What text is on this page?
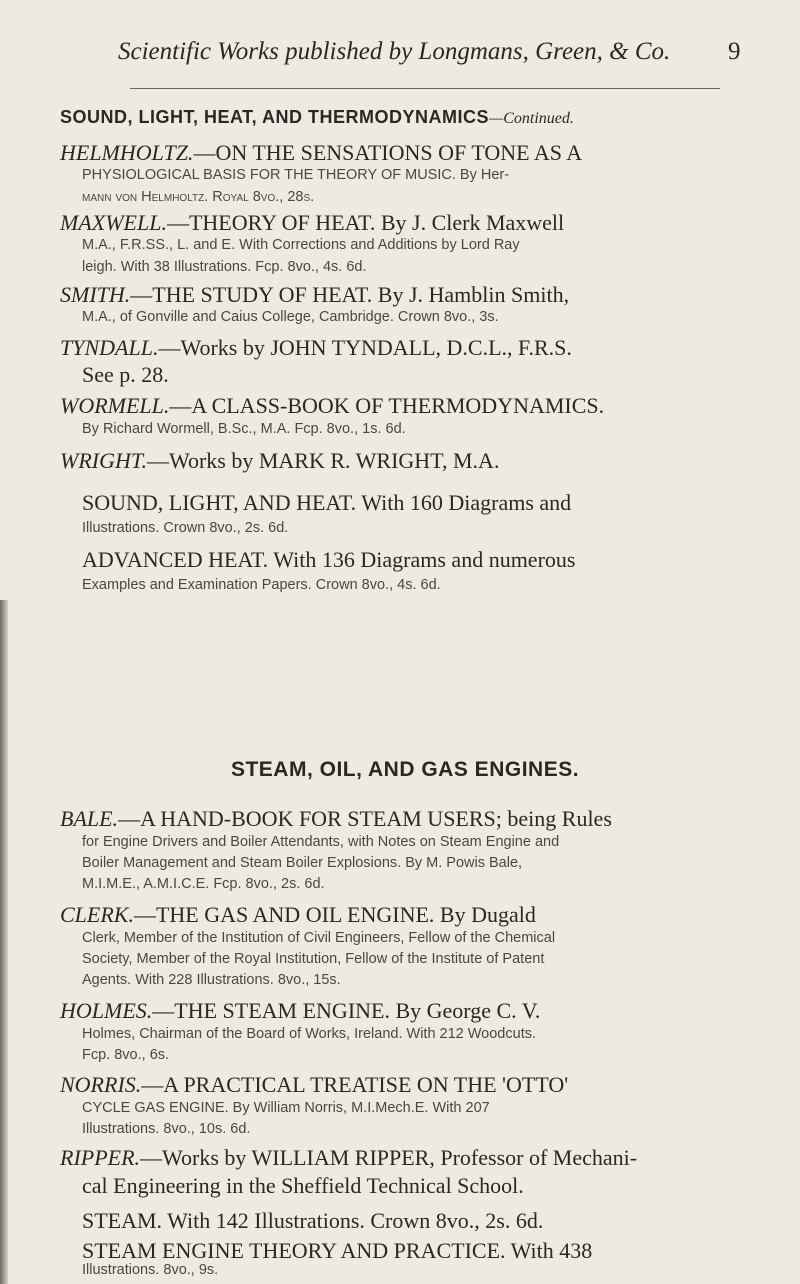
Scientific Works published by Longmans, Green, & Co. 9
SOUND, LIGHT, HEAT, AND THERMODYNAMICS—Continued.
HELMHOLTZ.—ON THE SENSATIONS OF TONE AS A
PHYSIOLOGICAL BASIS FOR THE THEORY OF MUSIC. By Her-
mann von Helmholtz. Royal 8vo., 28s.
MAXWELL.—THEORY OF HEAT. By J. Clerk Maxwell
M.A., F.R.SS., L. and E. With Corrections and Additions by Lord Ray
leigh. With 38 Illustrations. Fcp. 8vo., 4s. 6d.
SMITH.—THE STUDY OF HEAT. By J. Hamblin Smith,
M.A., of Gonville and Caius College, Cambridge. Crown 8vo., 3s.
TYNDALL.—Works by JOHN TYNDALL, D.C.L., F.R.S.
See p. 28.
WORMELL.—A CLASS-BOOK OF THERMODYNAMICS.
By Richard Wormell, B.Sc., M.A. Fcp. 8vo., 1s. 6d.
WRIGHT.—Works by MARK R. WRIGHT, M.A.
SOUND, LIGHT, AND HEAT. With 160 Diagrams and
Illustrations. Crown 8vo., 2s. 6d.
ADVANCED HEAT. With 136 Diagrams and numerous
Examples and Examination Papers. Crown 8vo., 4s. 6d.
STEAM, OIL, AND GAS ENGINES.
BALE.—A HAND-BOOK FOR STEAM USERS; being Rules
for Engine Drivers and Boiler Attendants, with Notes on Steam Engine and
Boiler Management and Steam Boiler Explosions. By M. Powis Bale,
M.I.M.E., A.M.I.C.E. Fcp. 8vo., 2s. 6d.
CLERK.—THE GAS AND OIL ENGINE. By Dugald
Clerk, Member of the Institution of Civil Engineers, Fellow of the Chemical
Society, Member of the Royal Institution, Fellow of the Institute of Patent
Agents. With 228 Illustrations. 8vo., 15s.
HOLMES.—THE STEAM ENGINE. By George C. V.
Holmes, Chairman of the Board of Works, Ireland. With 212 Woodcuts.
Fcp. 8vo., 6s.
NORRIS.—A PRACTICAL TREATISE ON THE 'OTTO'
CYCLE GAS ENGINE. By William Norris, M.I.Mech.E. With 207
Illustrations. 8vo., 10s. 6d.
RIPPER.—Works by WILLIAM RIPPER, Professor of Mechani-
cal Engineering in the Sheffield Technical School.
STEAM. With 142 Illustrations. Crown 8vo., 2s. 6d.
STEAM ENGINE THEORY AND PRACTICE. With 438
Illustrations. 8vo., 9s.
